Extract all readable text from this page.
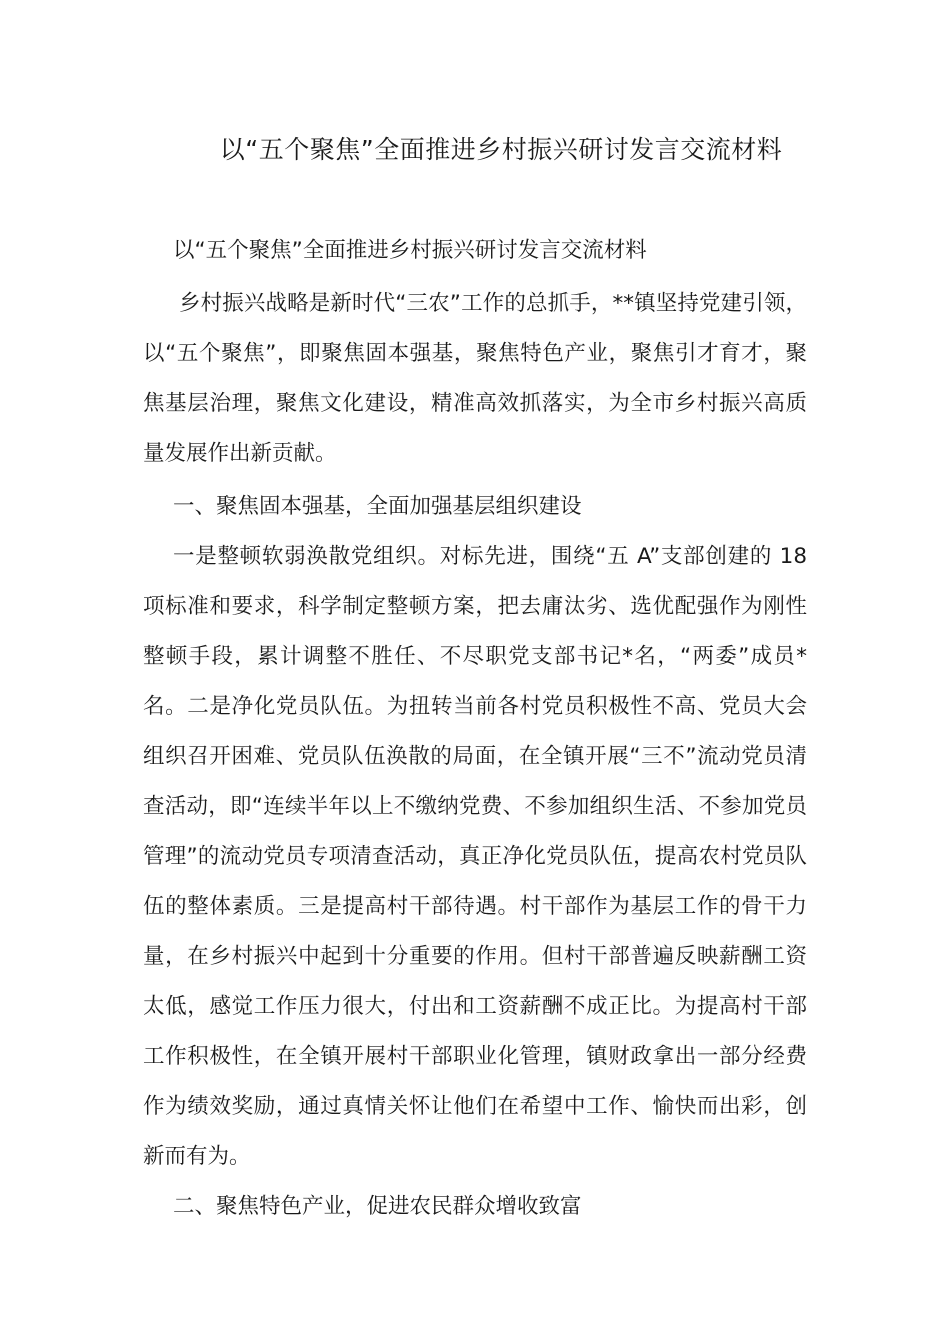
以“五个聚焦”全面推进乡村振兴研讨发言交流材料

以“五个聚焦”全面推进乡村振兴研讨发言交流材料

乡村振兴战略是新时代“三农”工作的总抓手，**镇坚持党建引领，以“五个聚焦”，即聚焦固本强基，聚焦特色产业，聚焦引才育才，聚焦基层治理，聚焦文化建设，精准高效抓落实，为全市乡村振兴高质量发展作出新贡献。

一、聚焦固本强基，全面加强基层组织建设

一是整顿软弱涣散党组织。对标先进，围绕“五 A”支部创建的 18 项标准和要求，科学制定整顿方案，把去庸汰劣、选优配强作为刚性整顿手段，累计调整不胜任、不尽职党支部书记*名，“两委”成员*名。二是净化党员队伍。为扭转当前各村党员积极性不高、党员大会组织召开困难、党员队伍涣散的局面，在全镇开展“三不”流动党员清查活动，即“连续半年以上不缴纳党费、不参加组织生活、不参加党员管理”的流动党员专项清查活动，真正净化党员队伍，提高农村党员队伍的整体素质。三是提高村干部待遇。村干部作为基层工作的骨干力量，在乡村振兴中起到十分重要的作用。但村干部普遍反映薪酬工资太低，感觉工作压力很大，付出和工资薪酬不成正比。为提高村干部工作积极性，在全镇开展村干部职业化管理，镇财政拿出一部分经费作为绩效奖励，通过真情关怀让他们在希望中工作、愉快而出彩，创新而有为。

二、聚焦特色产业，促进农民群众增收致富
